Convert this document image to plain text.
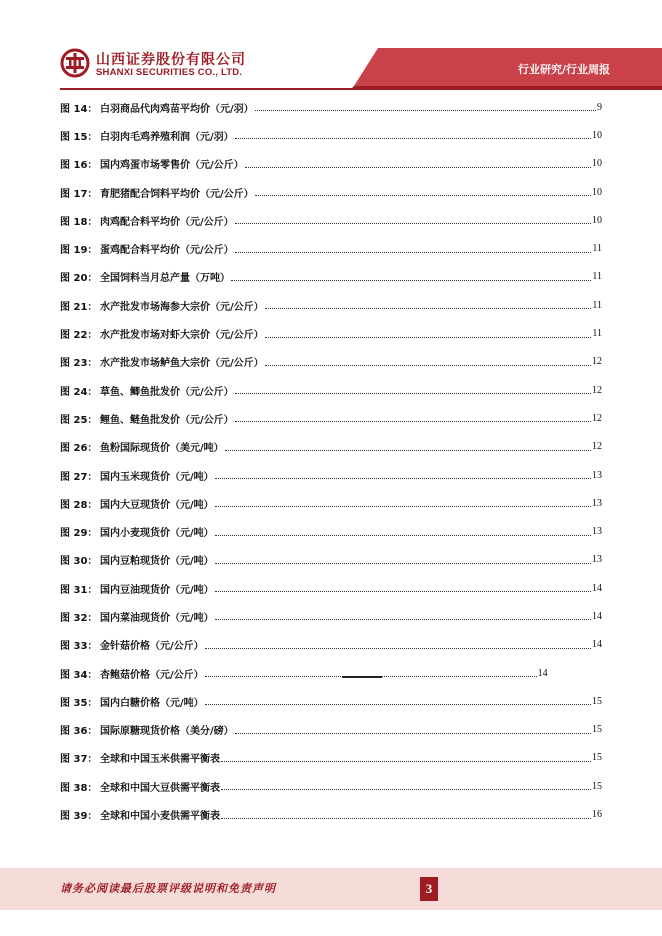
山西证券股份有限公司
SHANXI SECURITIES CO., LTD.	行业研究/行业周报
图 14： 白羽商品代肉鸡苗平均价（元/羽）	9
图 15： 白羽肉毛鸡养殖利润（元/羽）	10
图 16： 国内鸡蛋市场零售价（元/公斤）	10
图 17： 育肥猪配合饲料平均价（元/公斤）	10
图 18： 肉鸡配合料平均价（元/公斤）	10
图 19： 蛋鸡配合料平均价（元/公斤）	11
图 20： 全国饲料当月总产量（万吨）	11
图 21： 水产批发市场海参大宗价（元/公斤）	11
图 22： 水产批发市场对虾大宗价（元/公斤）	11
图 23： 水产批发市场鲈鱼大宗价（元/公斤）	12
图 24： 草鱼、鲫鱼批发价（元/公斤）	12
图 25： 鲤鱼、鲢鱼批发价（元/公斤）	12
图 26： 鱼粉国际现货价（美元/吨）	12
图 27： 国内玉米现货价（元/吨）	13
图 28： 国内大豆现货价（元/吨）	13
图 29： 国内小麦现货价（元/吨）	13
图 30： 国内豆粕现货价（元/吨）	13
图 31： 国内豆油现货价（元/吨）	14
图 32： 国内菜油现货价（元/吨）	14
图 33： 金针菇价格（元/公斤）	14
图 34： 杏鲍菇价格（元/公斤）	14
图 35： 国内白糖价格（元/吨）	15
图 36： 国际原糖现货价格（美分/磅）	15
图 37： 全球和中国玉米供需平衡表	15
图 38： 全球和中国大豆供需平衡表	15
图 39： 全球和中国小麦供需平衡表	16
请务必阅读最后股票评级说明和免责声明	3
